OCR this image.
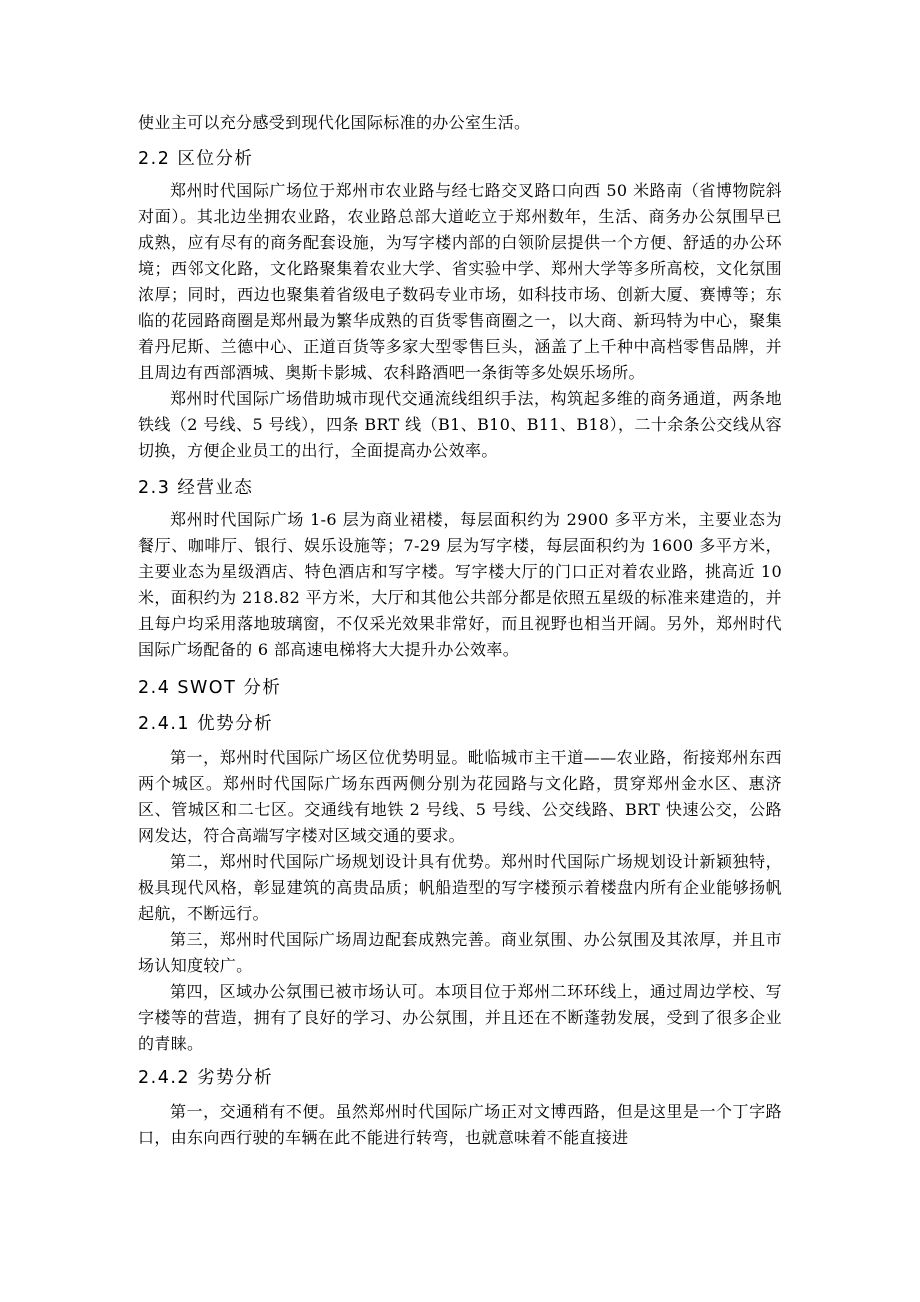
使业主可以充分感受到现代化国际标准的办公室生活。

2.2 区位分析

郑州时代国际广场位于郑州市农业路与经七路交叉路口向西 50 米路南（省博物院斜对面）。其北边坐拥农业路，农业路总部大道屹立于郑州数年，生活、商务办公氛围早已成熟，应有尽有的商务配套设施，为写字楼内部的白领阶层提供一个方便、舒适的办公环境；西邻文化路，文化路聚集着农业大学、省实验中学、郑州大学等多所高校，文化氛围浓厚；同时，西边也聚集着省级电子数码专业市场，如科技市场、创新大厦、赛博等；东临的花园路商圈是郑州最为繁华成熟的百货零售商圈之一，以大商、新玛特为中心，聚集着丹尼斯、兰德中心、正道百货等多家大型零售巨头，涵盖了上千种中高档零售品牌，并且周边有西部酒城、奥斯卡影城、农科路酒吧一条街等多处娱乐场所。

郑州时代国际广场借助城市现代交通流线组织手法，构筑起多维的商务通道，两条地铁线（2 号线、5 号线），四条 BRT 线（B1、B10、B11、B18），二十余条公交线从容切换，方便企业员工的出行，全面提高办公效率。

2.3 经营业态

郑州时代国际广场 1-6 层为商业裙楼，每层面积约为 2900 多平方米，主要业态为餐厅、咖啡厅、银行、娱乐设施等；7-29 层为写字楼，每层面积约为 1600 多平方米，主要业态为星级酒店、特色酒店和写字楼。写字楼大厅的门口正对着农业路，挑高近 10 米，面积约为 218.82 平方米，大厅和其他公共部分都是依照五星级的标准来建造的，并且每户均采用落地玻璃窗，不仅采光效果非常好，而且视野也相当开阔。另外，郑州时代国际广场配备的 6 部高速电梯将大大提升办公效率。

2.4 SWOT 分析
2.4.1 优势分析

第一，郑州时代国际广场区位优势明显。毗临城市主干道——农业路，衔接郑州东西两个城区。郑州时代国际广场东西两侧分别为花园路与文化路，贯穿郑州金水区、惠济区、管城区和二七区。交通线有地铁 2 号线、5 号线、公交线路、BRT 快速公交，公路网发达，符合高端写字楼对区域交通的要求。

第二，郑州时代国际广场规划设计具有优势。郑州时代国际广场规划设计新颖独特，极具现代风格，彰显建筑的高贵品质；帆船造型的写字楼预示着楼盘内所有企业能够扬帆起航，不断远行。

第三，郑州时代国际广场周边配套成熟完善。商业氛围、办公氛围及其浓厚，并且市场认知度较广。

第四，区域办公氛围已被市场认可。本项目位于郑州二环环线上，通过周边学校、写字楼等的营造，拥有了良好的学习、办公氛围，并且还在不断蓬勃发展，受到了很多企业的青睐。

2.4.2 劣势分析

第一，交通稍有不便。虽然郑州时代国际广场正对文博西路，但是这里是一个丁字路口，由东向西行驶的车辆在此不能进行转弯，也就意味着不能直接进
